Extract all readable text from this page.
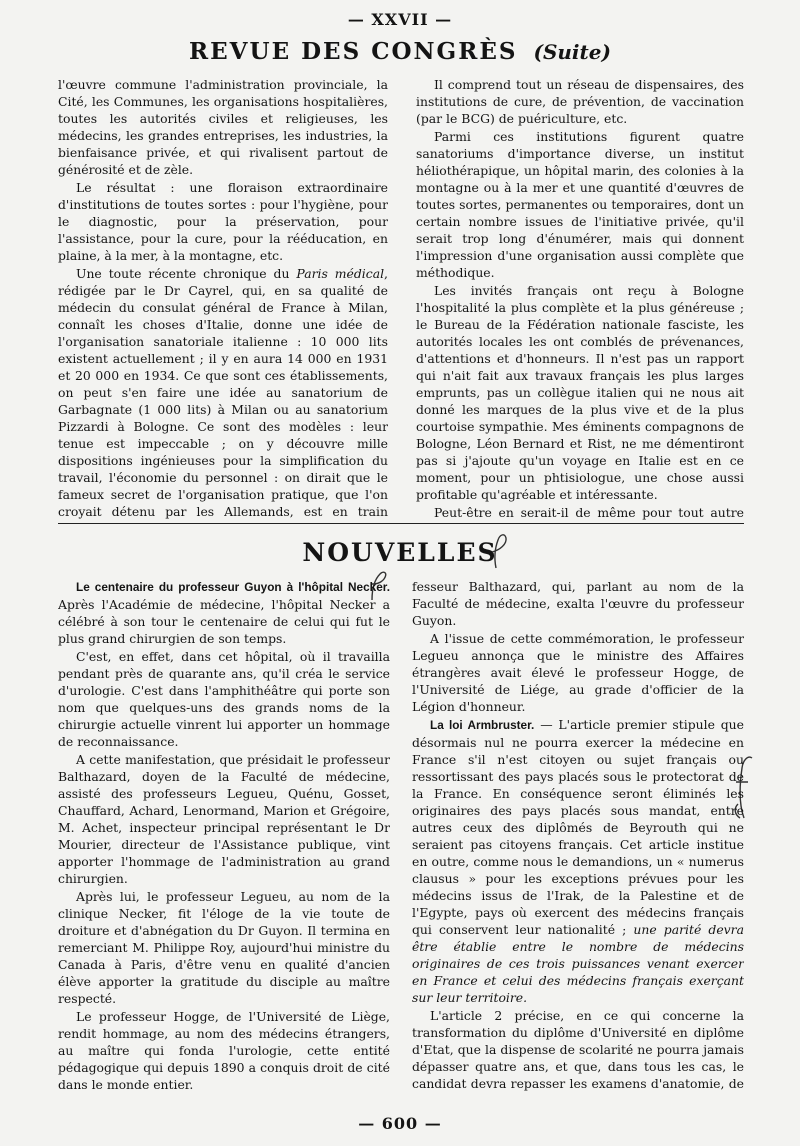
— XXVII —
REVUE DES CONGRÈS (Suite)

l'œuvre commune l'administration provinciale, la Cité, les Communes, les organisations hospitalières, toutes les autorités civiles et religieuses, les médecins, les grandes entreprises, les industries, la bienfaisance privée, et qui rivalisent partout de générosité et de zèle.

Le résultat : une floraison extraordinaire d'institutions de toutes sortes : pour l'hygiène, pour le diagnostic, pour la préservation, pour l'assistance, pour la cure, pour la rééducation, en plaine, à la mer, à la montagne, etc.

Une toute récente chronique du Paris médical, rédigée par le Dr Cayrel, qui, en sa qualité de médecin du consulat général de France à Milan, connaît les choses d'Italie, donne une idée de l'organisation sanatoriale italienne : 10 000 lits existent actuellement ; il y en aura 14 000 en 1931 et 20 000 en 1934. Ce que sont ces établissements, on peut s'en faire une idée au sanatorium de Garbagnate (1 000 lits) à Milan ou au sanatorium Pizzardi à Bologne. Ce sont des modèles : leur tenue est impeccable ; on y découvre mille dispositions ingénieuses pour la simplification du travail, l'économie du personnel : on dirait que le fameux secret de l'organisation pratique, que l'on croyait détenu par les Allemands, est en train

Il comprend tout un réseau de dispensaires, des institutions de cure, de prévention, de vaccination (par le BCG) de puériculture, etc.

Parmi ces institutions figurent quatre sanatoriums d'importance diverse, un institut héliothérapique, un hôpital marin, des colonies à la montagne ou à la mer et une quantité d'œuvres de toutes sortes, permanentes ou temporaires, dont un certain nombre issues de l'initiative privée, qu'il serait trop long d'énumérer, mais qui donnent l'impression d'une organisation aussi complète que méthodique.

Les invités français ont reçu à Bologne l'hospitalité la plus complète et la plus généreuse ; le Bureau de la Fédération nationale fasciste, les autorités locales les ont comblés de prévenances, d'attentions et d'honneurs. Il n'est pas un rapport qui n'ait fait aux travaux français les plus larges emprunts, pas un collègue italien qui ne nous ait donné les marques de la plus vive et de la plus courtoise sympathie. Mes éminents compagnons de Bologne, Léon Bernard et Rist, ne me démentiront pas si j'ajoute qu'un voyage en Italie est en ce moment, pour un phtisiologue, une chose aussi profitable qu'agréable et intéressante.

Peut-être en serait-il de même pour tout autre

NOUVELLES

Le centenaire du professeur Guyon à l'hôpital Necker. Après l'Académie de médecine, l'hôpital Necker a célébré à son tour le centenaire de celui qui fut le plus grand chirurgien de son temps.

C'est, en effet, dans cet hôpital, où il travailla pendant près de quarante ans, qu'il créa le service d'urologie. C'est dans l'amphithéâtre qui porte son nom que quelques-uns des grands noms de la chirurgie actuelle vinrent lui apporter un hommage de reconnaissance.

A cette manifestation, que présidait le professeur Balthazard, doyen de la Faculté de médecine, assisté des professeurs Legueu, Quénu, Gosset, Chauffard, Achard, Lenormand, Marion et Grégoire, M. Achet, inspecteur principal représentant le Dr Mourier, directeur de l'Assistance publique, vint apporter l'hommage de l'administration au grand chirurgien.

Après lui, le professeur Legueu, au nom de la clinique Necker, fit l'éloge de la vie toute de droiture et d'abnégation du Dr Guyon. Il termina en remerciant M. Philippe Roy, aujourd'hui ministre du Canada à Paris, d'être venu en qualité d'ancien élève apporter la gratitude du disciple au maître respecté.

Le professeur Hogge, de l'Université de Liège, rendit hommage, au nom des médecins étrangers, au maître qui fonda l'urologie, cette entité pédagogique qui depuis 1890 a conquis droit de cité dans le monde entier.

fesseur Balthazard, qui, parlant au nom de la Faculté de médecine, exalta l'œuvre du professeur Guyon.

A l'issue de cette commémoration, le professeur Legueu annonça que le ministre des Affaires étrangères avait élevé le professeur Hogge, de l'Université de Liége, au grade d'officier de la Légion d'honneur.

La loi Armbruster. — L'article premier stipule que désormais nul ne pourra exercer la médecine en France s'il n'est citoyen ou sujet français ou ressortissant des pays placés sous le protectorat de la France. En conséquence seront éliminés les originaires des pays placés sous mandat, entre autres ceux des diplômés de Beyrouth qui ne seraient pas citoyens français. Cet article institue en outre, comme nous le demandions, un « numerus clausus » pour les exceptions prévues pour les médecins issus de l'Irak, de la Palestine et de l'Egypte, pays où exercent des médecins français qui conservent leur nationalité ; une parité devra être établie entre le nombre de médecins originaires de ces trois puissances venant exercer en France et celui des médecins français exerçant sur leur territoire.

L'article 2 précise, en ce qui concerne la transformation du diplôme d'Université en diplôme d'Etat, que la dispense de scolarité ne pourra jamais dépasser quatre ans, et que, dans tous les cas, le candidat devra repasser les examens d'anatomie, de

— 600 —
